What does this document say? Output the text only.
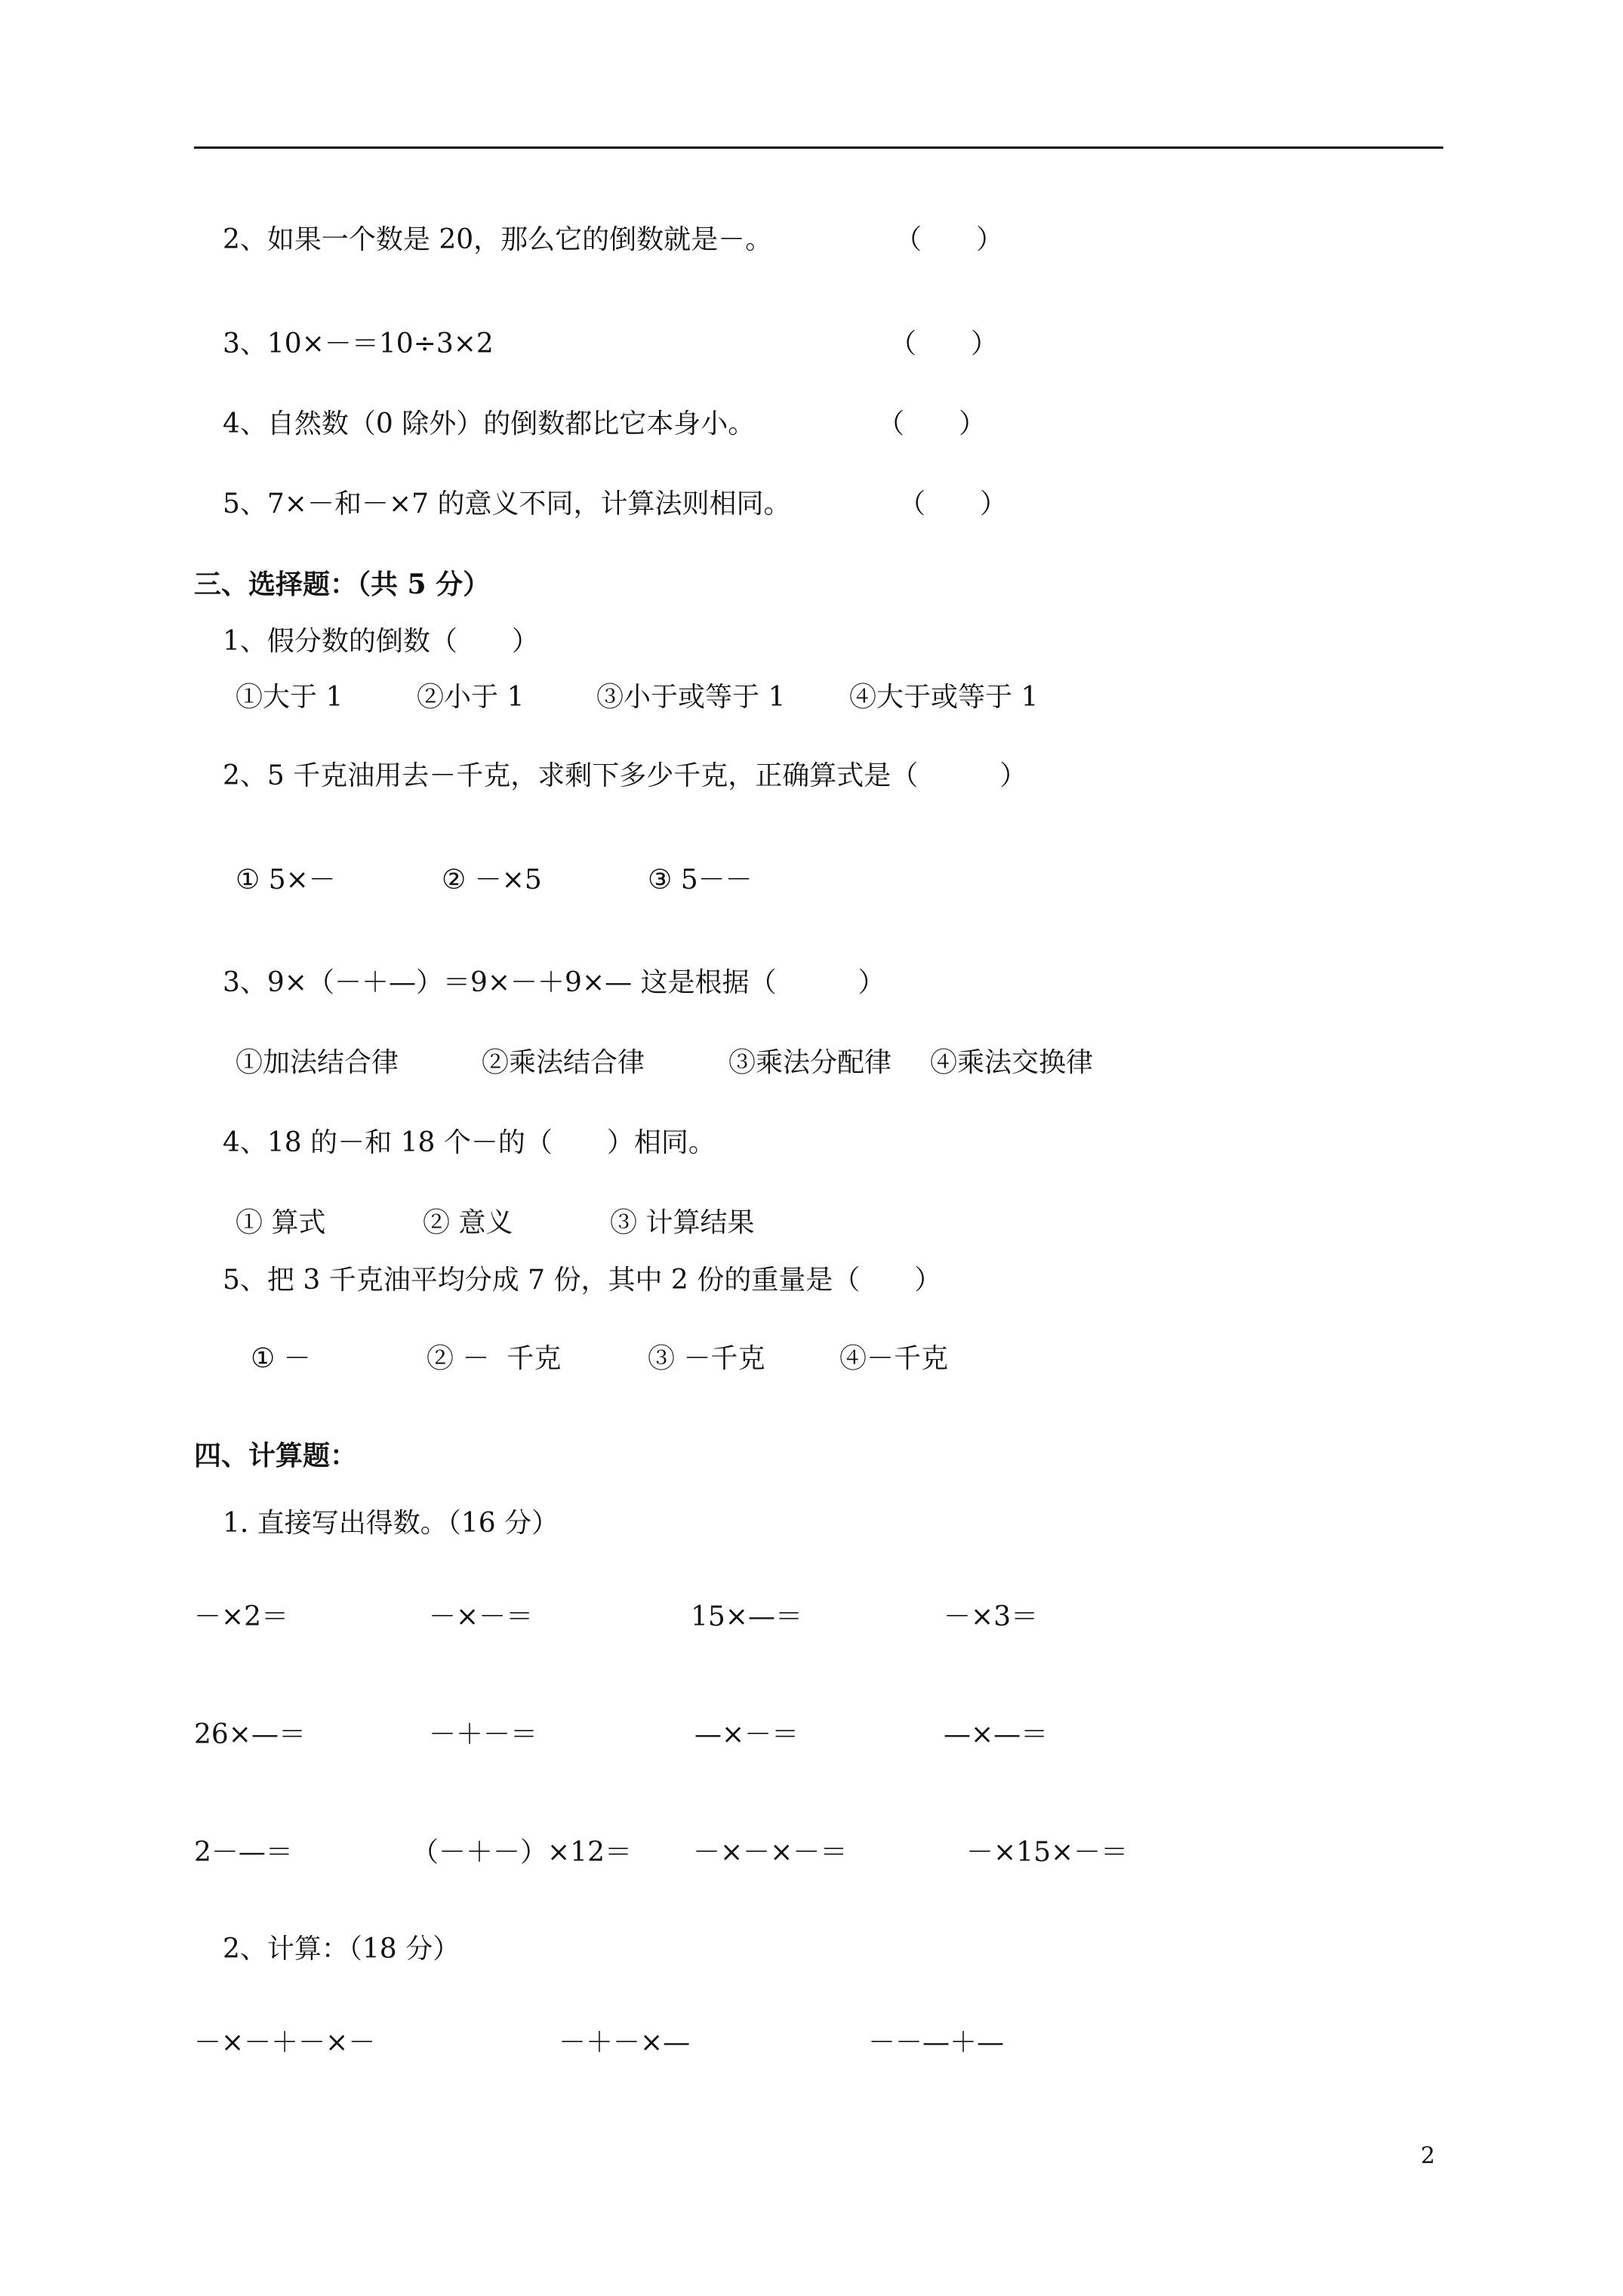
2、如果一个数是 20，那么它的倒数就是－。	（　　）
3、10×－＝10÷3×2	（　　）
4、自然数（0 除外）的倒数都比它本身小。	（　　）
5、7×－和－×7 的意义不同，计算法则相同。	（　　）
三、选择题：（共 5 分）
1、假分数的倒数（　　）
①大于 1	②小于 1	③小于或等于 1 ④大于或等于 1
2、5 千克油用去－千克，求剩下多少千克，正确算式是（　　　）
① 5×－	② －×5	③ 5－－
3、9×（－＋—）＝9×－＋9×— 这是根据（　　　）
①加法结合律	②乘法结合律	③乘法分配律 ④乘法交换律
4、18 的－和 18 个－的（　　）相同。
① 算式	② 意义	③ 计算结果
5、把 3 千克油平均分成 7 份，其中 2 份的重量是（　　）
① －	② －  千克	③ －千克	④－千克
四、计算题：
1. 直接写出得数。（16 分）
－×2＝	－×－＝	15×—＝	－×3＝
26×—＝	－＋－＝	—×－＝	—×—＝
2－—＝	（－＋－）×12＝ －×－×－＝	－×15×－＝
2、计算：（18 分）
－×－＋－×－	－＋－×—	－－—＋—
2
